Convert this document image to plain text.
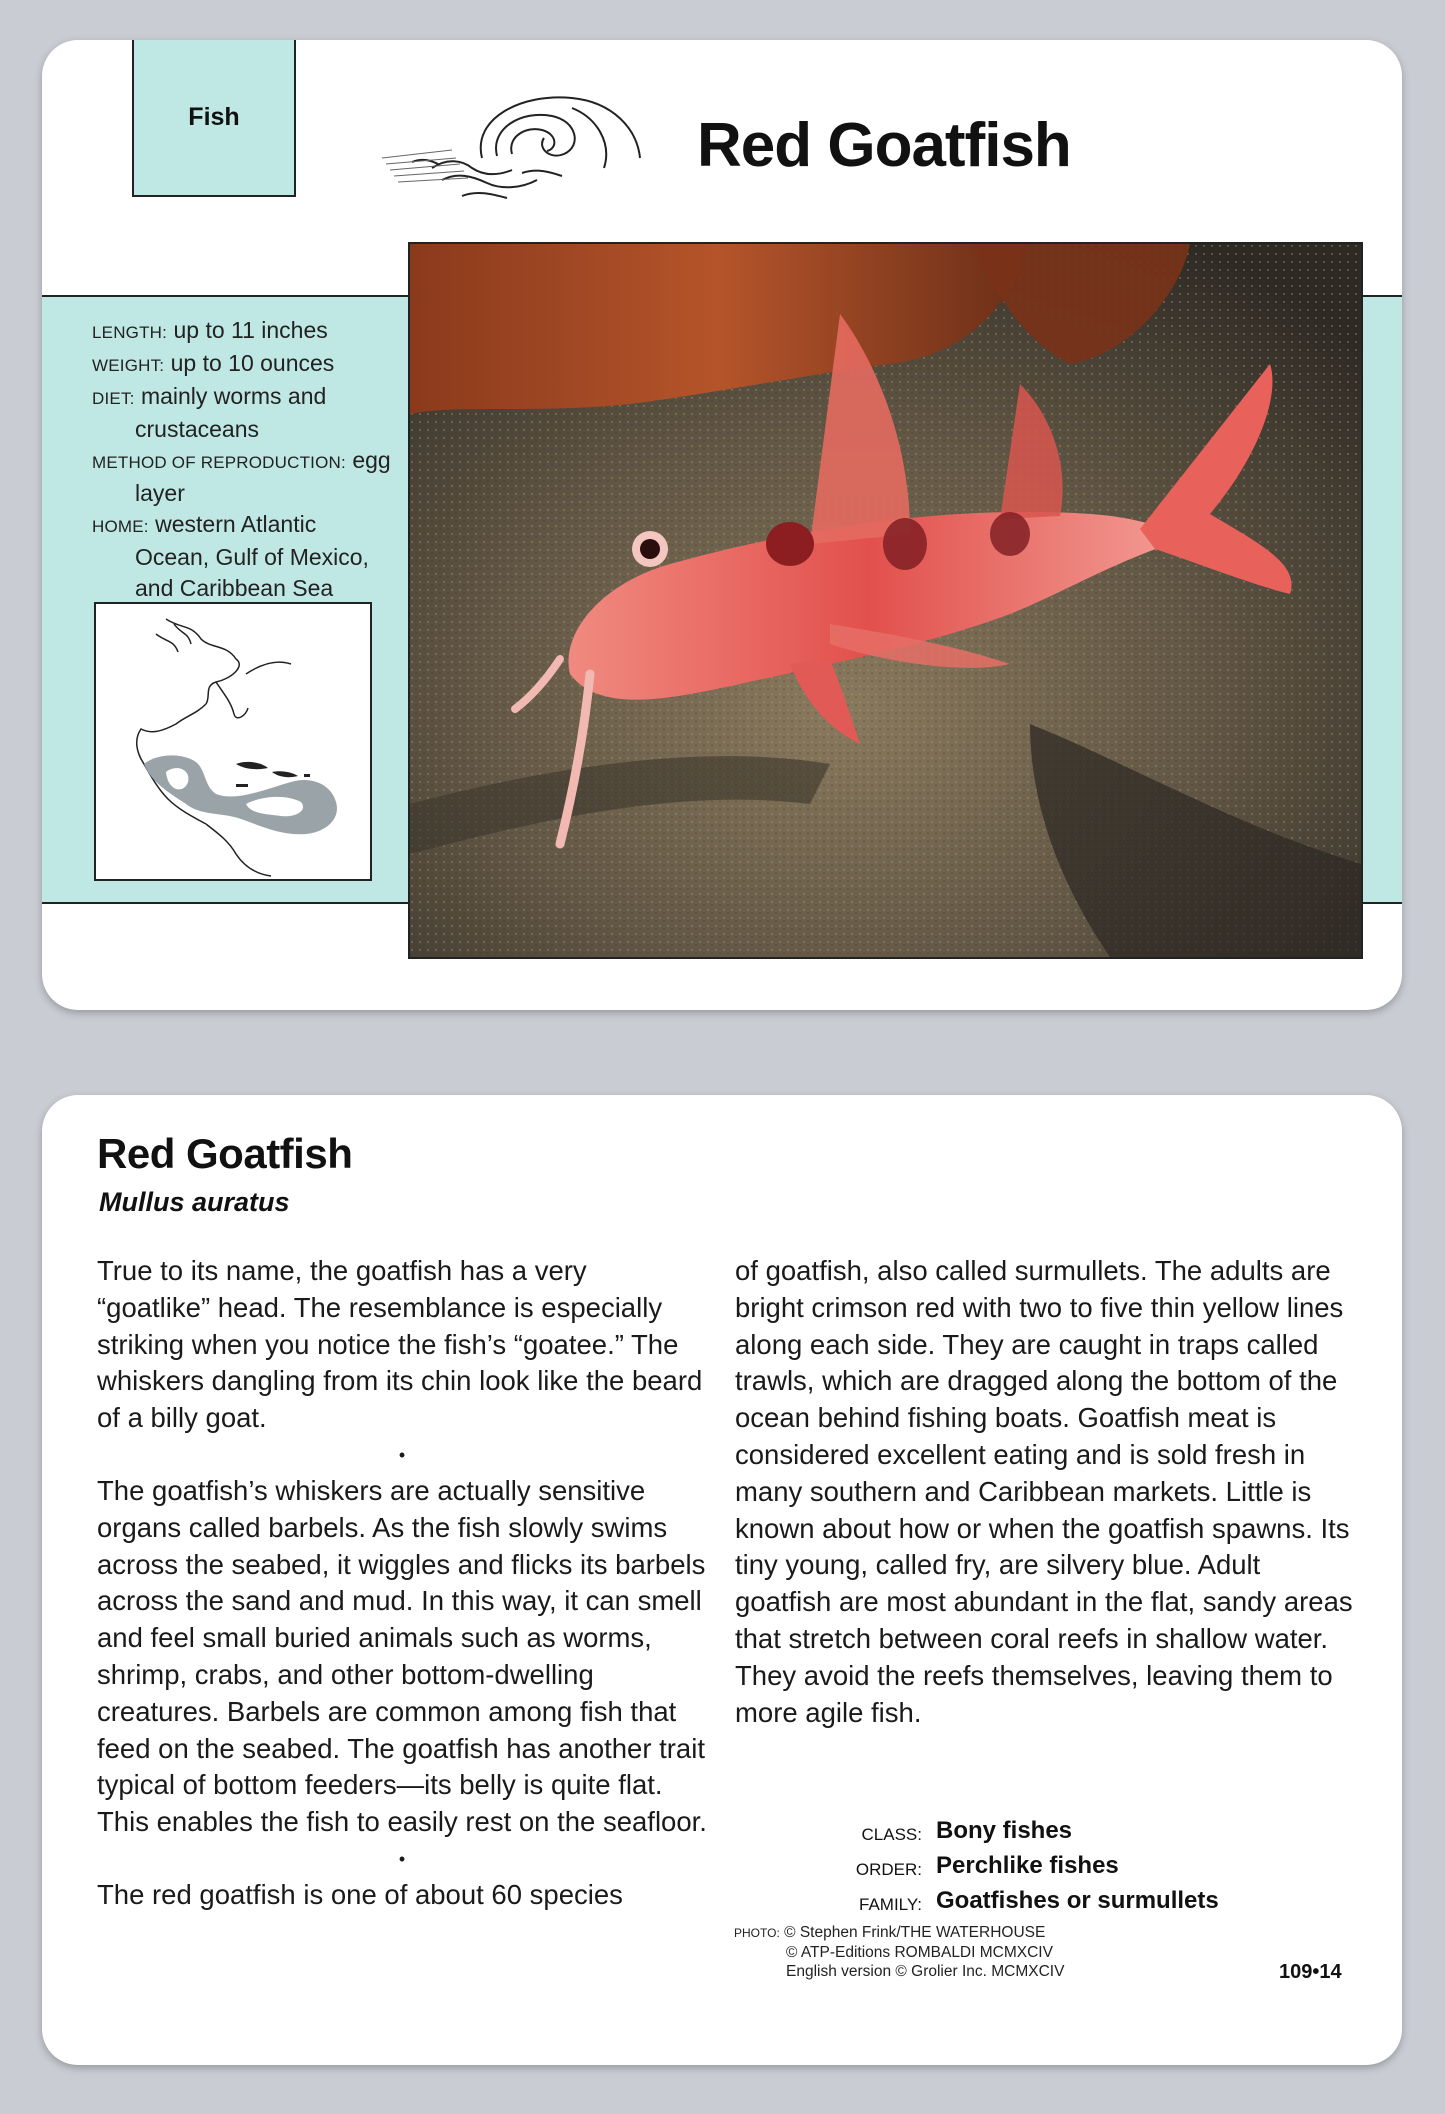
Fish	Red Goatfish
LENGTH: up to 11 inches
WEIGHT: up to 10 ounces
DIET: mainly worms and
crustaceans
METHOD OF REPRODUCTION: egg
layer
HOME: western Atlantic
Ocean, Gulf of Mexico,
and Caribbean Sea
Red Goatfish
Mullus auratus

True to its name, the goatfish has a very “goatlike” head. The resemblance is especially striking when you notice the fish’s “goatee.” The whiskers dangling from its chin look like the beard of a billy goat.

•

The goatfish’s whiskers are actually sensitive organs called barbels. As the fish slowly swims across the seabed, it wiggles and flicks its barbels across the sand and mud. In this way, it can smell and feel small buried animals such as worms, shrimp, crabs, and other bottom-dwelling creatures. Barbels are common among fish that feed on the seabed. The goatfish has another trait typical of bottom feeders—its belly is quite flat. This enables the fish to easily rest on the seafloor.

•

The red goatfish is one of about 60 species

of goatfish, also called surmullets. The adults are bright crimson red with two to five thin yellow lines along each side. They are caught in traps called trawls, which are dragged along the bottom of the ocean behind fishing boats. Goatfish meat is considered excellent eating and is sold fresh in many southern and Caribbean markets. Little is known about how or when the goatfish spawns. Its tiny young, called fry, are silvery blue. Adult goatfish are most abundant in the flat, sandy areas that stretch between coral reefs in shallow water. They avoid the reefs themselves, leaving them to more agile fish.

CLASS: Bony fishes
ORDER: Perchlike fishes
FAMILY: Goatfishes or surmullets
PHOTO: © Stephen Frink/THE WATERHOUSE
© ATP-Editions ROMBALDI MCMXCIV
English version © Grolier Inc. MCMXCIV	109•14
